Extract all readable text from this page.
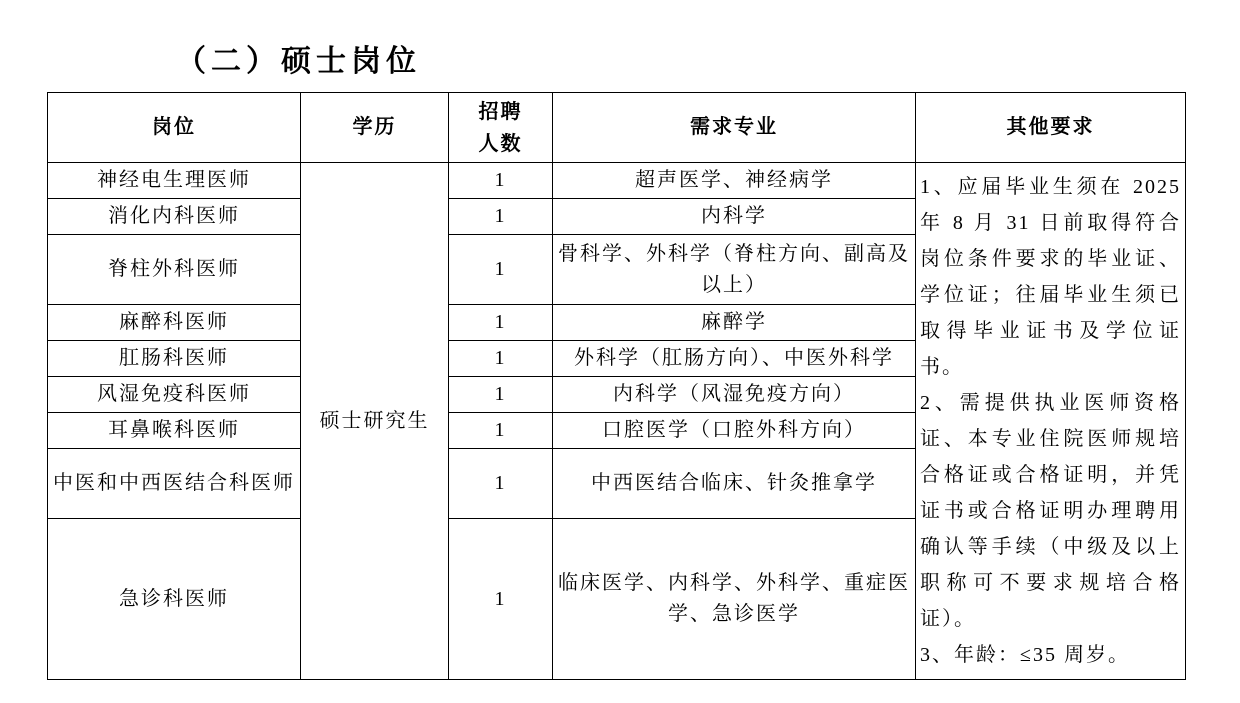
（二）硕士岗位
岗位	学历	招聘人数	需求专业	其他要求
神经电生理医师	硕士研究生	1	超声医学、神经病学	1、应届毕业生须在 2025 年 8 月 31 日前取得符合岗位条件要求的毕业证、学位证；往届毕业生须已取得毕业证书及学位证书。

2、需提供执业医师资格证、本专业住院医师规培合格证或合格证明，并凭证书或合格证明办理聘用确认等手续（中级及以上职称可不要求规培合格证）。

3、年龄：≤35 周岁。

消化内科医师		1	内科学	
脊柱外科医师		1	骨科学、外科学（脊柱方向、副高及以上）	
麻醉科医师		1	麻醉学	
肛肠科医师		1	外科学（肛肠方向）、中医外科学	
风湿免疫科医师		1	内科学（风湿免疫方向）	
耳鼻喉科医师		1	口腔医学（口腔外科方向）	
中医和中西医结合科医师		1	中西医结合临床、针灸推拿学	
急诊科医师		1	临床医学、内科学、外科学、重症医学、急诊医学	
